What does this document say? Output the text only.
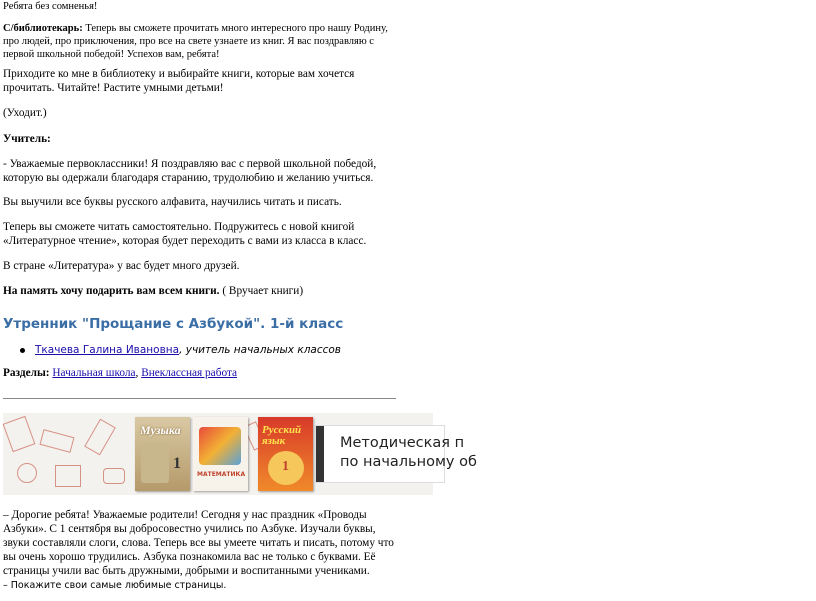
Ребята без сомненья!

С/библиотекарь: Теперь вы сможете прочитать много интересного про нашу Родину, про людей, про приключения, про все на свете узнаете из книг. Я вас поздравляю с первой школьной победой! Успехов вам, ребята!

Приходите ко мне в библиотеку и выбирайте книги, которые вам хочется прочитать. Читайте! Растите умными детьми!

(Уходит.)

Учитель:

- Уважаемые первоклассники! Я поздравляю вас с первой школьной победой, которую вы одержали благодаря старанию, трудолюбию и желанию учиться.

Вы выучили все буквы русского алфавита, научились читать и писать.

Теперь вы сможете читать самостоятельно. Подружитесь с новой книгой «Литературное чтение», которая будет переходить с вами из класса в класс.

В стране «Литература» у вас будет много друзей.

На память хочу подарить вам всем книги. ( Вручает книги)

Утренник "Прощание с Азбукой". 1-й класс
Ткачева Галина Ивановна, учитель начальных классов
Разделы: Начальная школа, Внеклассная работа
Музыка
1
МАТЕМАТИКА
Русский язык
1
Методическая п
по начальному об

– Дорогие ребята! Уважаемые родители! Сегодня у нас праздник «Проводы Азбуки». С 1 сентября вы добросовестно учились по Азбуке. Изучали буквы, звуки составляли слоги, слова. Теперь все вы умеете читать и писать, потому что вы очень хорошо трудились. Азбука познакомила вас не только с буквами. Её страницы учили вас быть дружными, добрыми и воспитанными учениками.

– Покажите свои самые любимые страницы.
